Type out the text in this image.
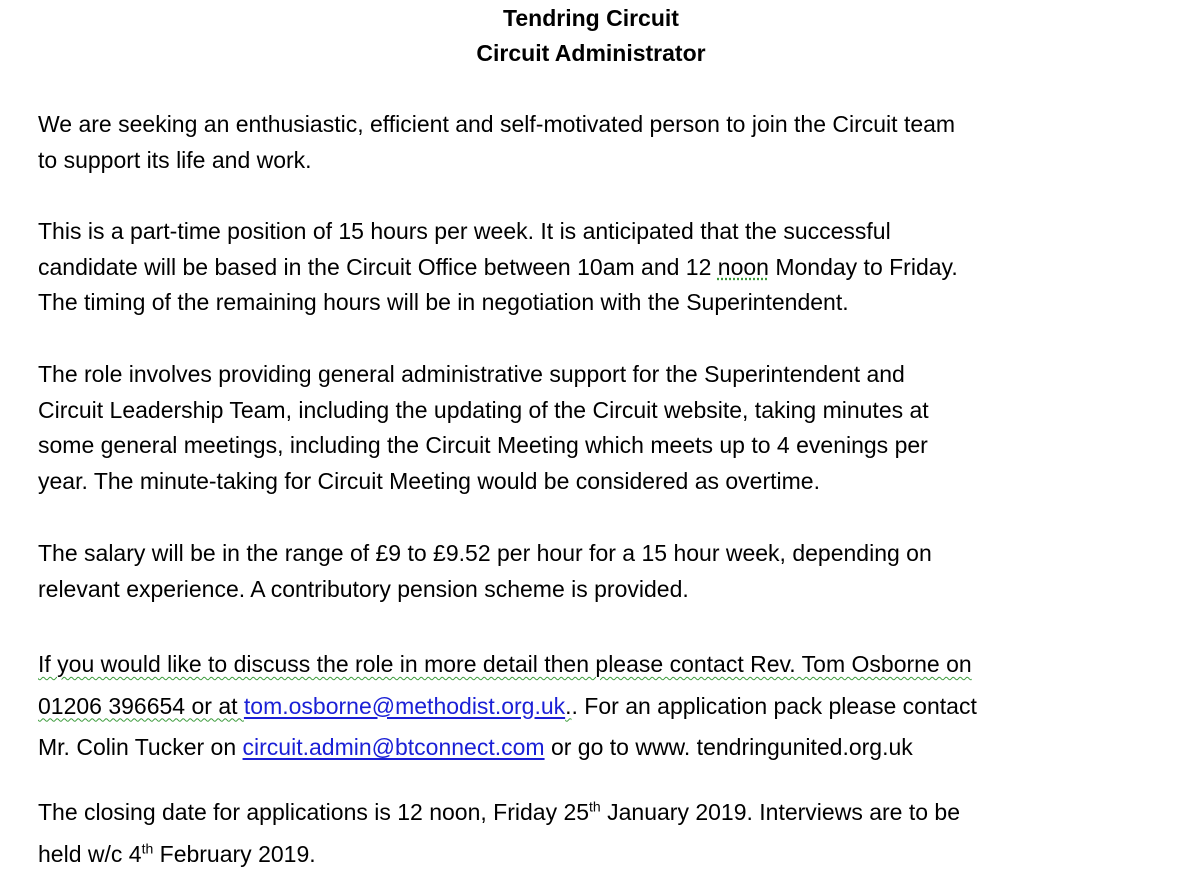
Tendring Circuit
Circuit Administrator

We are seeking an enthusiastic, efficient and self-motivated person to join the Circuit team
to support its life and work.

This is a part-time position of 15 hours per week. It is anticipated that the successful
candidate will be based in the Circuit Office between 10am and 12 noon Monday to Friday.
The timing of the remaining hours will be in negotiation with the Superintendent.

The role involves providing general administrative support for the Superintendent and
Circuit Leadership Team, including the updating of the Circuit website, taking minutes at
some general meetings, including the Circuit Meeting which meets up to 4 evenings per
year. The minute-taking for Circuit Meeting would be considered as overtime.

The salary will be in the range of £9 to £9.52 per hour for a 15 hour week, depending on
relevant experience. A contributory pension scheme is provided.

If you would like to discuss the role in more detail then please contact Rev. Tom Osborne on
01206 396654 or at tom.osborne@methodist.org.uk.. For an application pack please contact
Mr. Colin Tucker on circuit.admin@btconnect.com or go to www. tendringunited.org.uk

The closing date for applications is 12 noon, Friday 25th January 2019. Interviews are to be
held w/c 4th February 2019.
